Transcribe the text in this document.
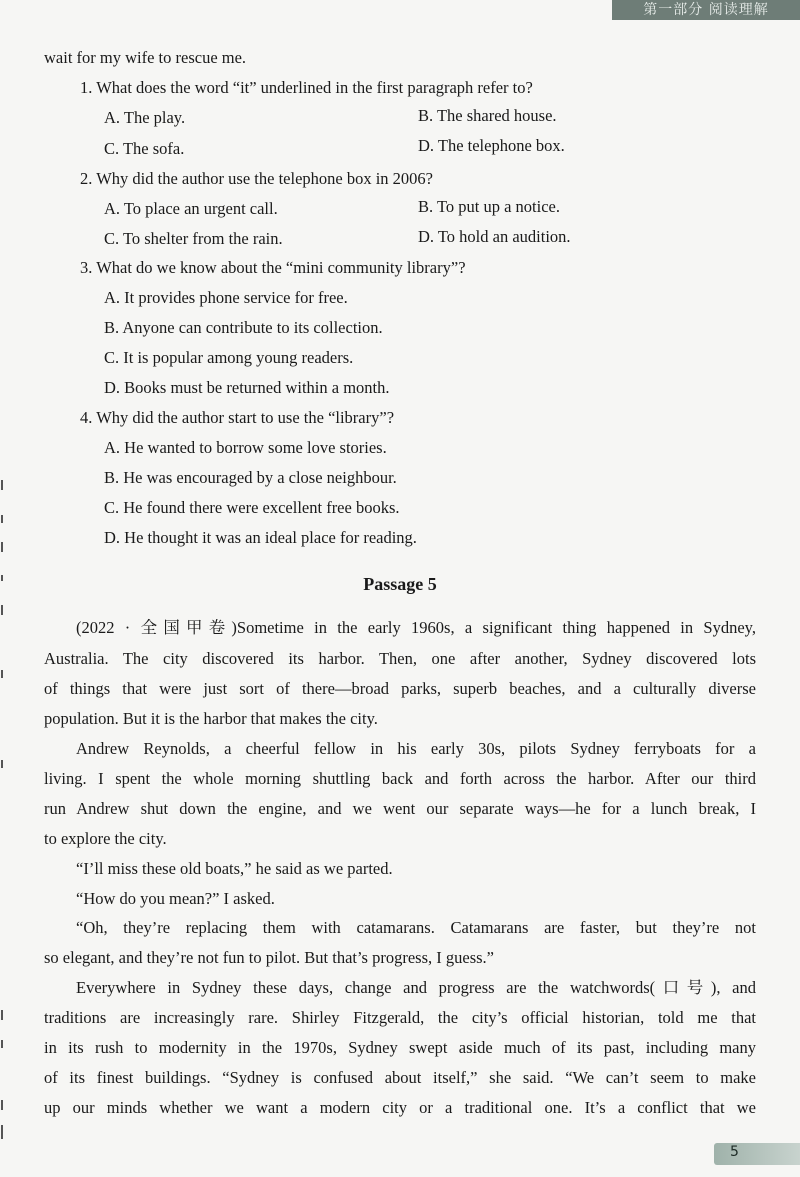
第一部分 阅读理解
wait for my wife to rescue me.
1. What does the word “it” underlined in the first paragraph refer to?
A. The play.	B. The shared house.
C. The sofa.	D. The telephone box.
2. Why did the author use the telephone box in 2006?
A. To place an urgent call.	B. To put up a notice.
C. To shelter from the rain.	D. To hold an audition.
3. What do we know about the “mini community library”?
A. It provides phone service for free.
B. Anyone can contribute to its collection.
C. It is popular among young readers.
D. Books must be returned within a month.
4. Why did the author start to use the “library”?
A. He wanted to borrow some love stories.
B. He was encouraged by a close neighbour.
C. He found there were excellent free books.
D. He thought it was an ideal place for reading.
Passage 5
(2022 · 全国甲卷)Sometime in the early 1960s, a significant thing happened in Sydney,
Australia. The city discovered its harbor. Then, one after another, Sydney discovered lots
of things that were just sort of there—broad parks, superb beaches, and a culturally diverse
population. But it is the harbor that makes the city.
Andrew Reynolds, a cheerful fellow in his early 30s, pilots Sydney ferryboats for a
living. I spent the whole morning shuttling back and forth across the harbor. After our third
run Andrew shut down the engine, and we went our separate ways—he for a lunch break, I
to explore the city.
“I’ll miss these old boats,” he said as we parted.
“How do you mean?” I asked.
“Oh, they’re replacing them with catamarans. Catamarans are faster, but they’re not
so elegant, and they’re not fun to pilot. But that’s progress, I guess.”
Everywhere in Sydney these days, change and progress are the watchwords(口号), and
traditions are increasingly rare. Shirley Fitzgerald, the city’s official historian, told me that
in its rush to modernity in the 1970s, Sydney swept aside much of its past, including many
of its finest buildings. “Sydney is confused about itself,” she said. “We can’t seem to make
up our minds whether we want a modern city or a traditional one. It’s a conflict that we
5
